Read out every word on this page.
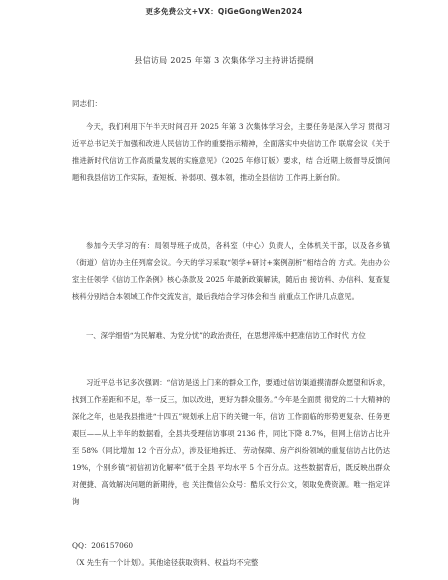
更多免费公文+VX：QiGeGongWen2024
县信访局 2025 年第 3 次集体学习主持讲话提纲
同志们：

今天，我们利用下午半天时间召开 2025 年第 3 次集体学习会，主要任务是深入学习 贯彻习近平总书记关于加强和改进人民信访工作的重要指示精神，全面落实中央信访工作 联席会议《关于推进新时代信访工作高质量发展的实施意见》（2025 年修订版）要求，结 合近期上级督导反馈问题和我县信访工作实际，查短板、补弱项、强本领，推动全县信访 工作再上新台阶。

参加今天学习的有：局领导班子成员，各科室（中心）负责人，全体机关干部，以及各乡镇（街道）信访办主任列席会议。今天的学习采取“领学+研讨+案例剖析”相结合的 方式。先由办公室主任领学《信访工作条例》核心条款及 2025 年最新政策解读，随后由 接访科、办信科、复查复核科分别结合本领域工作作交流发言，最后我结合学习体会和当 前重点工作讲几点意见。

一、深学细悟“为民解难、为党分忧”的政治责任，在思想淬炼中把准信访工作时代 方位

习近平总书记多次强调：“信访是送上门来的群众工作，要通过信访渠道摸清群众愿望和诉求，找到工作差距和不足，举一反三，加以改进，更好为群众服务。”今年是全面贯 彻党的二十大精神的深化之年，也是我县推进“十四五”规划承上启下的关键一年，信访 工作面临的形势更复杂、任务更艰巨——从上半年的数据看，全县共受理信访事项 2136 件，同比下降 8.7%，但网上信访占比升至 58%（同比增加 12 个百分点），涉及征地拆迁、 劳动保障、房产纠纷领域的重复信访占比仍达 19%，个别乡镇“初信初访化解率”低于全县 平均水平 5 个百分点。这些数据背后，既反映出群众对便捷、高效解决问题的新期待，也 关注微信公众号：酷乐文行公文，领取免费资源。唯一指定详询

QQ：206157060

（X 先生有一个计划）。其他途径获取资料、权益均不完整
